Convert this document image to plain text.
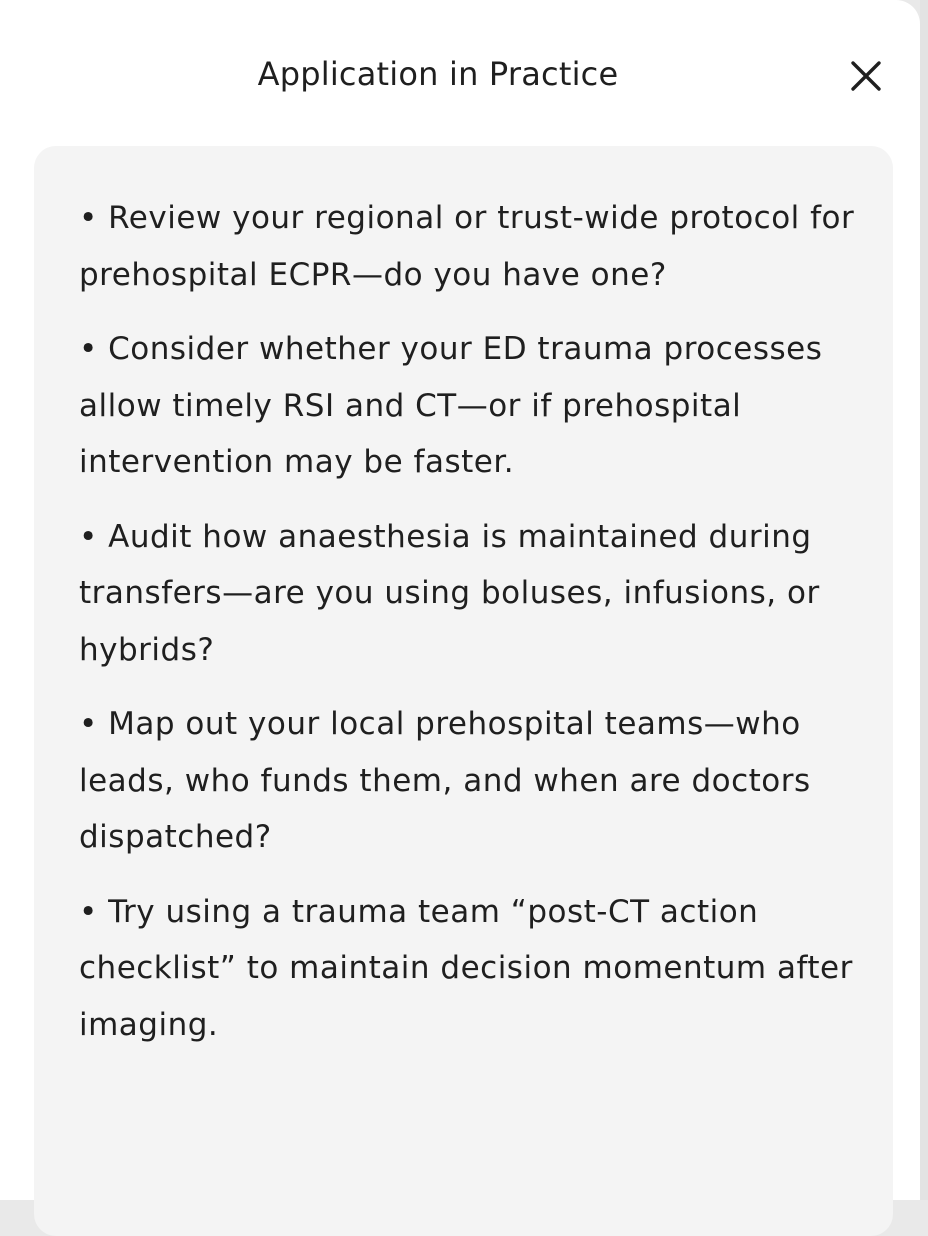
Application in Practice

• Review your regional or trust-wide protocol for prehospital ECPR—do you have one?

• Consider whether your ED trauma processes allow timely RSI and CT—or if prehospital intervention may be faster.

• Audit how anaesthesia is maintained during transfers—are you using boluses, infusions, or hybrids?

• Map out your local prehospital teams—who leads, who funds them, and when are doctors dispatched?

• Try using a trauma team “post-CT action checklist” to maintain decision momentum after imaging.
